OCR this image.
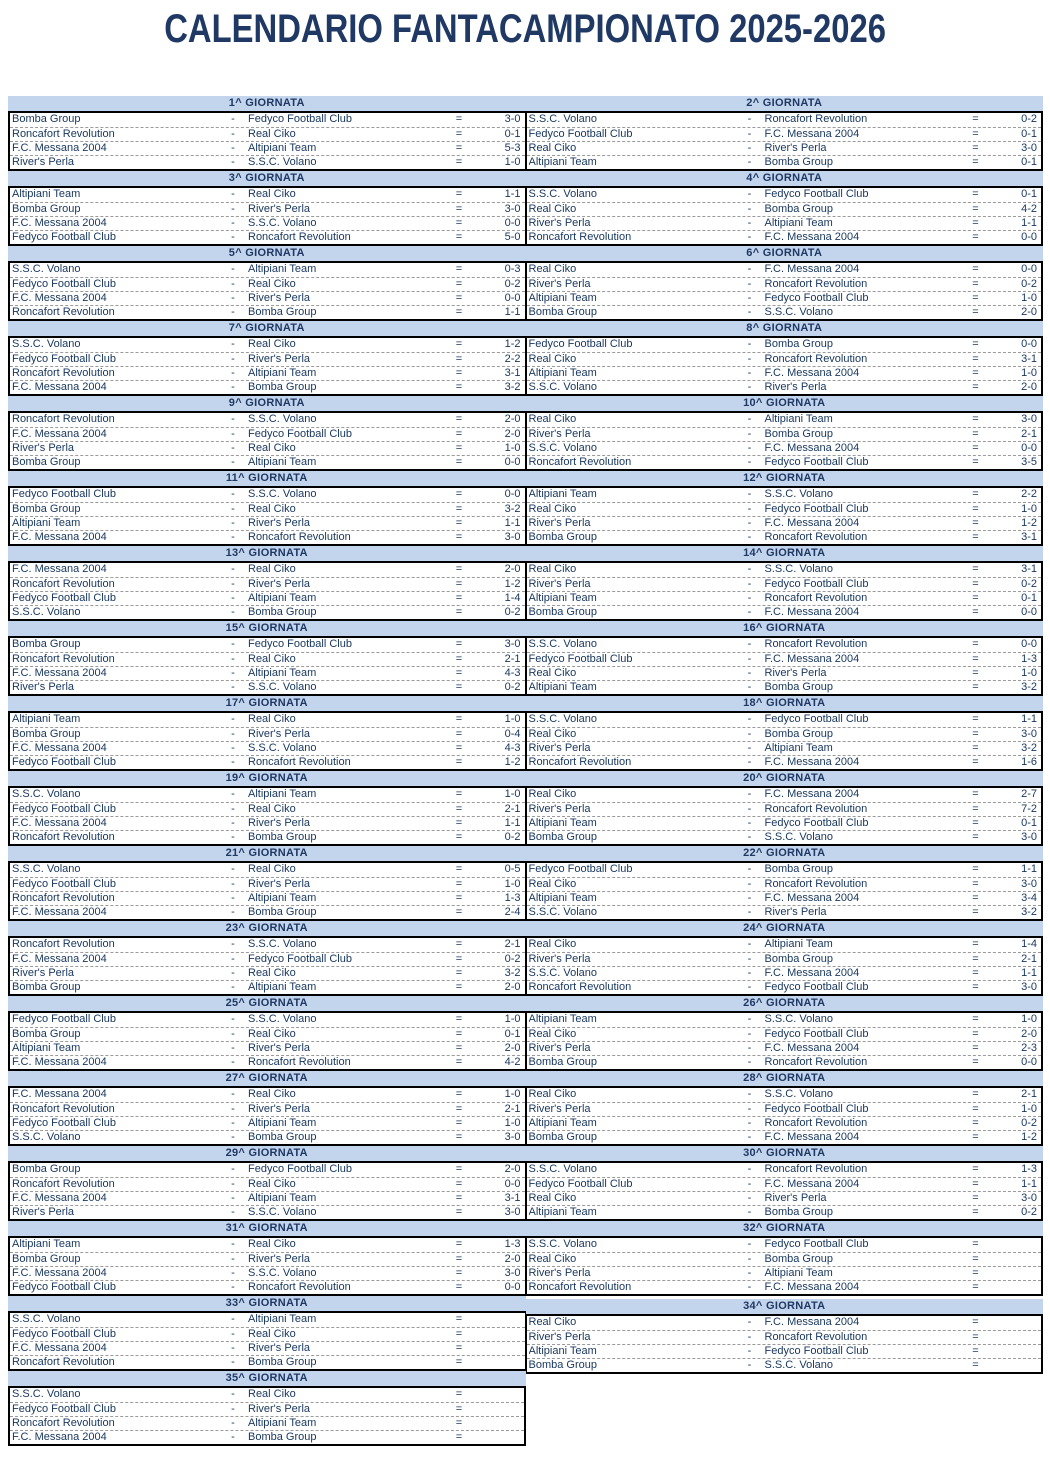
CALENDARIO FANTACAMPIONATO 2025-2026
1^ GIORNATA
Bomba Group	-	Fedyco Football Club	=	3-0
Roncafort Revolution	-	Real Ciko	=	0-1
F.C. Messana 2004	-	Altipiani Team	=	5-3
River's Perla	-	S.S.C. Volano	=	1-0
2^ GIORNATA
S.S.C. Volano	-	Roncafort Revolution	=	0-2
Fedyco Football Club	-	F.C. Messana 2004	=	0-1
Real Ciko	-	River's Perla	=	3-0
Altipiani Team	-	Bomba Group	=	0-1
3^ GIORNATA
Altipiani Team	-	Real Ciko	=	1-1
Bomba Group	-	River's Perla	=	3-0
F.C. Messana 2004	-	S.S.C. Volano	=	0-0
Fedyco Football Club	-	Roncafort Revolution	=	5-0
4^ GIORNATA
S.S.C. Volano	-	Fedyco Football Club	=	0-1
Real Ciko	-	Bomba Group	=	4-2
River's Perla	-	Altipiani Team	=	1-1
Roncafort Revolution	-	F.C. Messana 2004	=	0-0
5^ GIORNATA
S.S.C. Volano	-	Altipiani Team	=	0-3
Fedyco Football Club	-	Real Ciko	=	0-2
F.C. Messana 2004	-	River's Perla	=	0-0
Roncafort Revolution	-	Bomba Group	=	1-1
6^ GIORNATA
Real Ciko	-	F.C. Messana 2004	=	0-0
River's Perla	-	Roncafort Revolution	=	0-2
Altipiani Team	-	Fedyco Football Club	=	1-0
Bomba Group	-	S.S.C. Volano	=	2-0
7^ GIORNATA
S.S.C. Volano	-	Real Ciko	=	1-2
Fedyco Football Club	-	River's Perla	=	2-2
Roncafort Revolution	-	Altipiani Team	=	3-1
F.C. Messana 2004	-	Bomba Group	=	3-2
8^ GIORNATA
Fedyco Football Club	-	Bomba Group	=	0-0
Real Ciko	-	Roncafort Revolution	=	3-1
Altipiani Team	-	F.C. Messana 2004	=	1-0
S.S.C. Volano	-	River's Perla	=	2-0
9^ GIORNATA
Roncafort Revolution	-	S.S.C. Volano	=	2-0
F.C. Messana 2004	-	Fedyco Football Club	=	2-0
River's Perla	-	Real Ciko	=	1-0
Bomba Group	-	Altipiani Team	=	0-0
10^ GIORNATA
Real Ciko	-	Altipiani Team	=	3-0
River's Perla	-	Bomba Group	=	2-1
S.S.C. Volano	-	F.C. Messana 2004	=	0-0
Roncafort Revolution	-	Fedyco Football Club	=	3-5
11^ GIORNATA
Fedyco Football Club	-	S.S.C. Volano	=	0-0
Bomba Group	-	Real Ciko	=	3-2
Altipiani Team	-	River's Perla	=	1-1
F.C. Messana 2004	-	Roncafort Revolution	=	3-0
12^ GIORNATA
Altipiani Team	-	S.S.C. Volano	=	2-2
Real Ciko	-	Fedyco Football Club	=	1-0
River's Perla	-	F.C. Messana 2004	=	1-2
Bomba Group	-	Roncafort Revolution	=	3-1
13^ GIORNATA
F.C. Messana 2004	-	Real Ciko	=	2-0
Roncafort Revolution	-	River's Perla	=	1-2
Fedyco Football Club	-	Altipiani Team	=	1-4
S.S.C. Volano	-	Bomba Group	=	0-2
14^ GIORNATA
Real Ciko	-	S.S.C. Volano	=	3-1
River's Perla	-	Fedyco Football Club	=	0-2
Altipiani Team	-	Roncafort Revolution	=	0-1
Bomba Group	-	F.C. Messana 2004	=	0-0
15^ GIORNATA
Bomba Group	-	Fedyco Football Club	=	3-0
Roncafort Revolution	-	Real Ciko	=	2-1
F.C. Messana 2004	-	Altipiani Team	=	4-3
River's Perla	-	S.S.C. Volano	=	0-2
16^ GIORNATA
S.S.C. Volano	-	Roncafort Revolution	=	0-0
Fedyco Football Club	-	F.C. Messana 2004	=	1-3
Real Ciko	-	River's Perla	=	1-0
Altipiani Team	-	Bomba Group	=	3-2
17^ GIORNATA
Altipiani Team	-	Real Ciko	=	1-0
Bomba Group	-	River's Perla	=	0-4
F.C. Messana 2004	-	S.S.C. Volano	=	4-3
Fedyco Football Club	-	Roncafort Revolution	=	1-2
18^ GIORNATA
S.S.C. Volano	-	Fedyco Football Club	=	1-1
Real Ciko	-	Bomba Group	=	3-0
River's Perla	-	Altipiani Team	=	3-2
Roncafort Revolution	-	F.C. Messana 2004	=	1-6
19^ GIORNATA
S.S.C. Volano	-	Altipiani Team	=	1-0
Fedyco Football Club	-	Real Ciko	=	2-1
F.C. Messana 2004	-	River's Perla	=	1-1
Roncafort Revolution	-	Bomba Group	=	0-2
20^ GIORNATA
Real Ciko	-	F.C. Messana 2004	=	2-7
River's Perla	-	Roncafort Revolution	=	7-2
Altipiani Team	-	Fedyco Football Club	=	0-1
Bomba Group	-	S.S.C. Volano	=	3-0
21^ GIORNATA
S.S.C. Volano	-	Real Ciko	=	0-5
Fedyco Football Club	-	River's Perla	=	1-0
Roncafort Revolution	-	Altipiani Team	=	1-3
F.C. Messana 2004	-	Bomba Group	=	2-4
22^ GIORNATA
Fedyco Football Club	-	Bomba Group	=	1-1
Real Ciko	-	Roncafort Revolution	=	3-0
Altipiani Team	-	F.C. Messana 2004	=	3-4
S.S.C. Volano	-	River's Perla	=	3-2
23^ GIORNATA
Roncafort Revolution	-	S.S.C. Volano	=	2-1
F.C. Messana 2004	-	Fedyco Football Club	=	0-2
River's Perla	-	Real Ciko	=	3-2
Bomba Group	-	Altipiani Team	=	2-0
24^ GIORNATA
Real Ciko	-	Altipiani Team	=	1-4
River's Perla	-	Bomba Group	=	2-1
S.S.C. Volano	-	F.C. Messana 2004	=	1-1
Roncafort Revolution	-	Fedyco Football Club	=	3-0
25^ GIORNATA
Fedyco Football Club	-	S.S.C. Volano	=	1-0
Bomba Group	-	Real Ciko	=	0-1
Altipiani Team	-	River's Perla	=	2-0
F.C. Messana 2004	-	Roncafort Revolution	=	4-2
26^ GIORNATA
Altipiani Team	-	S.S.C. Volano	=	1-0
Real Ciko	-	Fedyco Football Club	=	2-0
River's Perla	-	F.C. Messana 2004	=	2-3
Bomba Group	-	Roncafort Revolution	=	0-0
27^ GIORNATA
F.C. Messana 2004	-	Real Ciko	=	1-0
Roncafort Revolution	-	River's Perla	=	2-1
Fedyco Football Club	-	Altipiani Team	=	1-0
S.S.C. Volano	-	Bomba Group	=	3-0
28^ GIORNATA
Real Ciko	-	S.S.C. Volano	=	2-1
River's Perla	-	Fedyco Football Club	=	1-0
Altipiani Team	-	Roncafort Revolution	=	0-2
Bomba Group	-	F.C. Messana 2004	=	1-2
29^ GIORNATA
Bomba Group	-	Fedyco Football Club	=	2-0
Roncafort Revolution	-	Real Ciko	=	0-0
F.C. Messana 2004	-	Altipiani Team	=	3-1
River's Perla	-	S.S.C. Volano	=	3-0
30^ GIORNATA
S.S.C. Volano	-	Roncafort Revolution	=	1-3
Fedyco Football Club	-	F.C. Messana 2004	=	1-1
Real Ciko	-	River's Perla	=	3-0
Altipiani Team	-	Bomba Group	=	0-2
31^ GIORNATA
Altipiani Team	-	Real Ciko	=	1-3
Bomba Group	-	River's Perla	=	2-0
F.C. Messana 2004	-	S.S.C. Volano	=	3-0
Fedyco Football Club	-	Roncafort Revolution	=	0-0
32^ GIORNATA
S.S.C. Volano	-	Fedyco Football Club	=
Real Ciko	-	Bomba Group	=
River's Perla	-	Altipiani Team	=
Roncafort Revolution	-	F.C. Messana 2004	=
33^ GIORNATA
S.S.C. Volano	-	Altipiani Team	=
Fedyco Football Club	-	Real Ciko	=
F.C. Messana 2004	-	River's Perla	=
Roncafort Revolution	-	Bomba Group	=
34^ GIORNATA
Real Ciko	-	F.C. Messana 2004	=
River's Perla	-	Roncafort Revolution	=
Altipiani Team	-	Fedyco Football Club	=
Bomba Group	-	S.S.C. Volano	=
35^ GIORNATA
S.S.C. Volano	-	Real Ciko	=
Fedyco Football Club	-	River's Perla	=
Roncafort Revolution	-	Altipiani Team	=
F.C. Messana 2004	-	Bomba Group	=
